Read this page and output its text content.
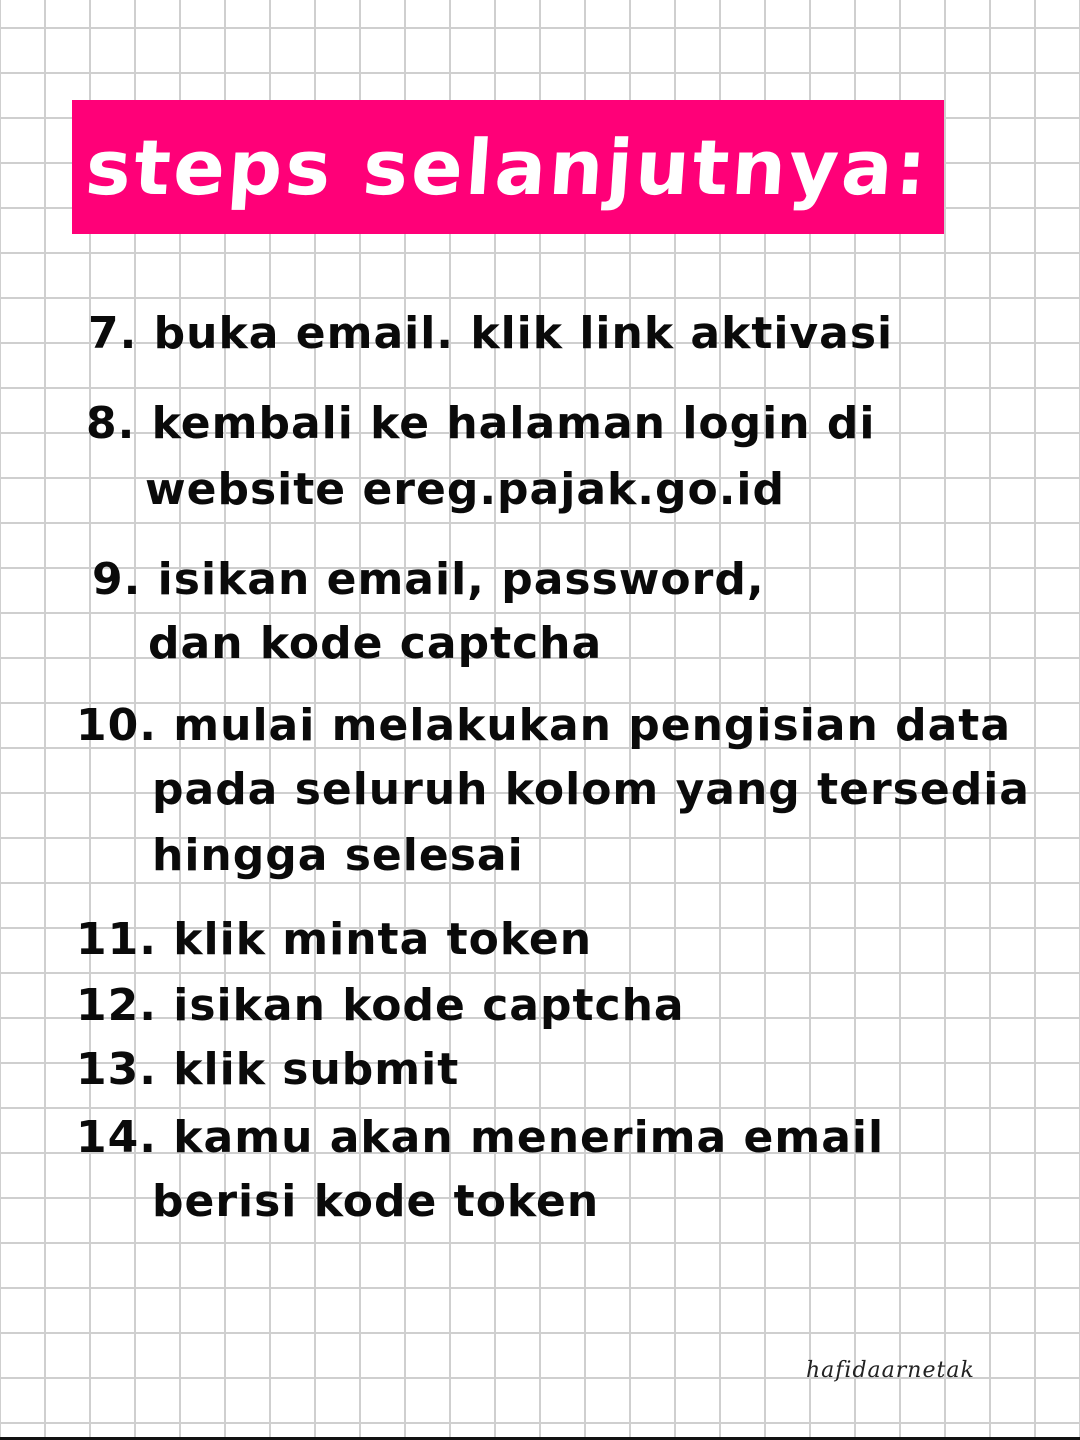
steps selanjutnya:
7. buka email. klik link aktivasi
8. kembali ke halaman login di
website ereg.pajak.go.id
9. isikan email, password,
dan kode captcha
10. mulai melakukan pengisian data
pada seluruh kolom yang tersedia
hingga selesai
11. klik minta token
12. isikan kode captcha
13. klik submit
14. kamu akan menerima email
berisi kode token
hafidaarnetak
